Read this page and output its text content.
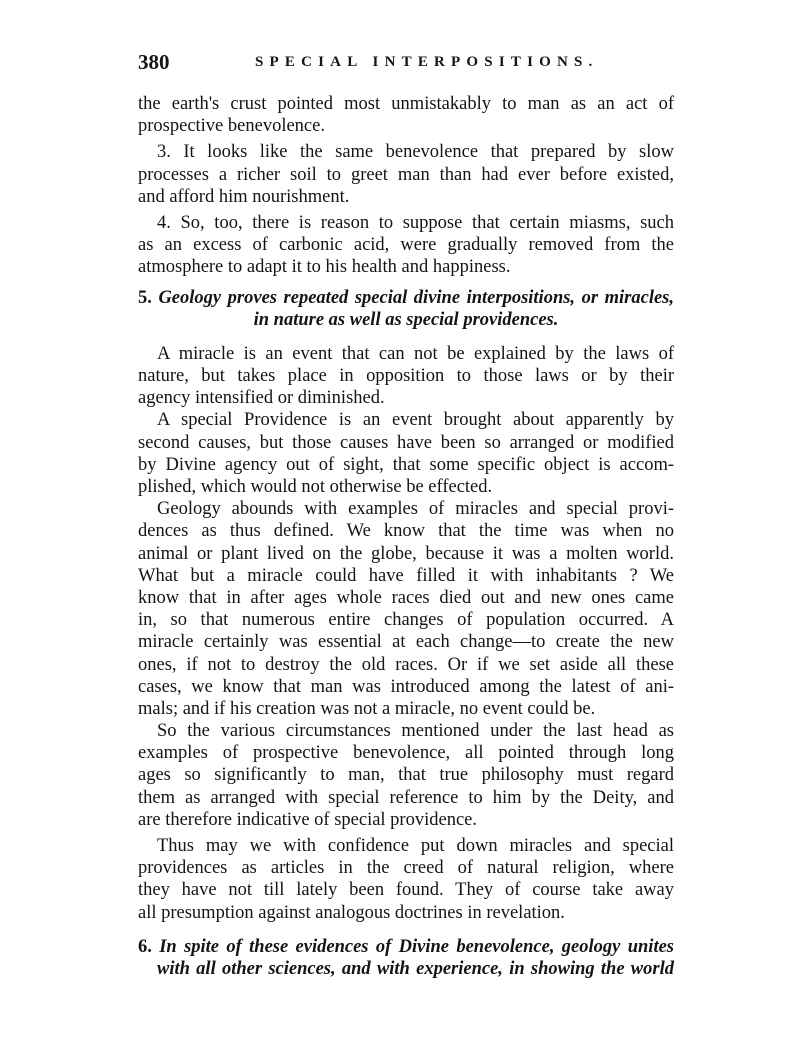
380	SPECIAL INTERPOSITIONS.
the earth's crust pointed most unmistakably to man as an act of
prospective benevolence.
3. It looks like the same benevolence that prepared by slow
processes a richer soil to greet man than had ever before existed,
and afford him nourishment.
4. So, too, there is reason to suppose that certain miasms, such
as an excess of carbonic acid, were gradually removed from the
atmosphere to adapt it to his health and happiness.
5. Geology proves repeated special divine interpositions, or miracles,
in nature as well as special providences.
A miracle is an event that can not be explained by the laws of
nature, but takes place in opposition to those laws or by their
agency intensified or diminished.
A special Providence is an event brought about apparently by
second causes, but those causes have been so arranged or modified
by Divine agency out of sight, that some specific object is accom-
plished, which would not otherwise be effected.
Geology abounds with examples of miracles and special provi-
dences as thus defined. We know that the time was when no
animal or plant lived on the globe, because it was a molten world.
What but a miracle could have filled it with inhabitants ? We
know that in after ages whole races died out and new ones came
in, so that numerous entire changes of population occurred. A
miracle certainly was essential at each change—to create the new
ones, if not to destroy the old races. Or if we set aside all these
cases, we know that man was introduced among the latest of ani-
mals; and if his creation was not a miracle, no event could be.
So the various circumstances mentioned under the last head as
examples of prospective benevolence, all pointed through long
ages so significantly to man, that true philosophy must regard
them as arranged with special reference to him by the Deity, and
are therefore indicative of special providence.
Thus may we with confidence put down miracles and special
providences as articles in the creed of natural religion, where
they have not till lately been found. They of course take away
all presumption against analogous doctrines in revelation.
6. In spite of these evidences of Divine benevolence, geology unites
with all other sciences, and with experience, in showing the world
